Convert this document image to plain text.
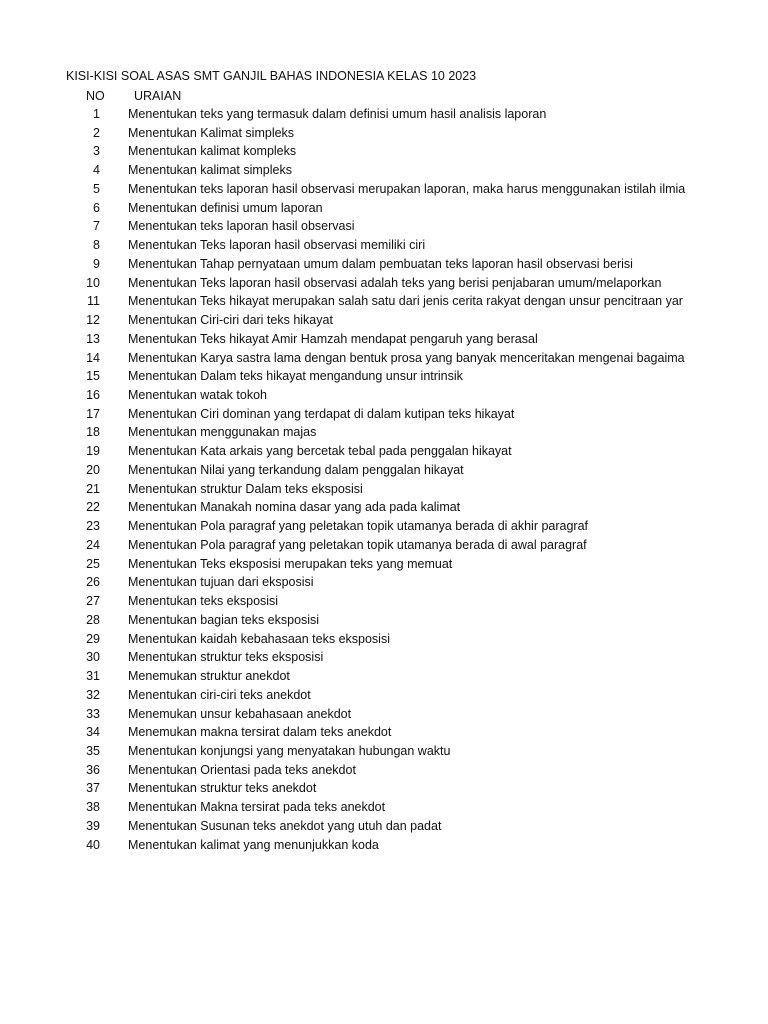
KISI-KISI SOAL ASAS SMT GANJIL BAHAS INDONESIA KELAS 10 2023
NO URAIAN
1 Menentukan teks yang termasuk dalam definisi umum hasil analisis laporan
2 Menentukan Kalimat simpleks
3 Menentukan kalimat kompleks
4 Menentukan kalimat simpleks
5 Menentukan teks laporan hasil observasi merupakan laporan, maka harus menggunakan istilah ilmia
6 Menentukan definisi umum laporan
7 Menentukan teks laporan hasil observasi
8 Menentukan Teks laporan hasil observasi memiliki ciri
9 Menentukan Tahap pernyataan umum dalam pembuatan teks laporan hasil observasi berisi
10 Menentukan Teks laporan hasil observasi adalah teks yang berisi penjabaran umum/melaporkan
11 Menentukan Teks hikayat merupakan salah satu dari jenis cerita rakyat dengan unsur pencitraan yar
12 Menentukan Ciri-ciri dari teks hikayat
13 Menentukan Teks hikayat Amir Hamzah mendapat pengaruh yang berasal
14 Menentukan Karya sastra lama dengan bentuk prosa yang banyak menceritakan mengenai bagaima
15 Menentukan Dalam teks hikayat mengandung unsur intrinsik
16 Menentukan watak tokoh
17 Menentukan Ciri dominan yang terdapat di dalam kutipan teks hikayat
18 Menentukan menggunakan majas
19 Menentukan Kata arkais yang bercetak tebal pada penggalan hikayat
20 Menentukan Nilai yang terkandung dalam penggalan hikayat
21 Menentukan struktur Dalam teks eksposisi
22 Menentukan Manakah nomina dasar yang ada pada kalimat
23 Menentukan Pola paragraf yang peletakan topik utamanya berada di akhir paragraf
24 Menentukan Pola paragraf yang peletakan topik utamanya berada di awal paragraf
25 Menentukan Teks eksposisi merupakan teks yang memuat
26 Menentukan tujuan dari eksposisi
27 Menentukan teks eksposisi
28 Menentukan bagian teks eksposisi
29 Menentukan kaidah kebahasaan teks eksposisi
30 Menentukan struktur teks eksposisi
31 Menemukan struktur anekdot
32 Menentukan ciri-ciri teks anekdot
33 Menemukan unsur kebahasaan anekdot
34 Menemukan makna tersirat dalam teks anekdot
35 Menentukan konjungsi yang menyatakan hubungan waktu
36 Menentukan Orientasi pada teks anekdot
37 Menentukan struktur teks anekdot
38 Menentukan Makna tersirat pada teks anekdot
39 Menentukan Susunan teks anekdot yang utuh dan padat
40 Menentukan kalimat yang menunjukkan koda
